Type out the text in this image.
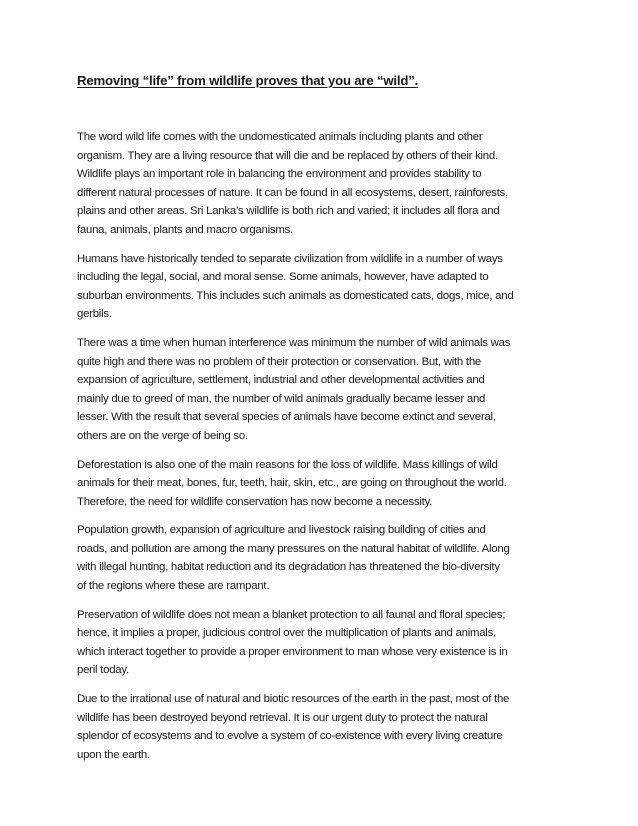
Removing “life” from wildlife proves that you are “wild”.

The word wild life comes with the undomesticated animals including plants and other
organism. They are a living resource that will die and be replaced by others of their kind.
Wildlife plays an important role in balancing the environment and provides stability to
different natural processes of nature. It can be found in all ecosystems, desert, rainforests,
plains and other areas. Sri Lanka’s wildlife is both rich and varied; it includes all flora and
fauna, animals, plants and macro organisms.

Humans have historically tended to separate civilization from wildlife in a number of ways
including the legal, social, and moral sense. Some animals, however, have adapted to
suburban environments. This includes such animals as domesticated cats, dogs, mice, and
gerbils.

There was a time when human interference was minimum the number of wild animals was
quite high and there was no problem of their protection or conservation. But, with the
expansion of agriculture, settlement, industrial and other developmental activities and
mainly due to greed of man, the number of wild animals gradually became lesser and
lesser. With the result that several species of animals have become extinct and several,
others are on the verge of being so.

Deforestation is also one of the main reasons for the loss of wildlife. Mass killings of wild
animals for their meat, bones, fur, teeth, hair, skin, etc., are going on throughout the world.
Therefore, the need for wildlife conservation has now become a necessity.

Population growth, expansion of agriculture and livestock raising building of cities and
roads, and pollution are among the many pressures on the natural habitat of wildlife. Along
with illegal hunting, habitat reduction and its degradation has threatened the bio-diversity
of the regions where these are rampant.

Preservation of wildlife does not mean a blanket protection to all faunal and floral species;
hence, it implies a proper, judicious control over the multiplication of plants and animals,
which interact together to provide a proper environment to man whose very existence is in
peril today.

Due to the irrational use of natural and biotic resources of the earth in the past, most of the
wildlife has been destroyed beyond retrieval. It is our urgent duty to protect the natural
splendor of ecosystems and to evolve a system of co-existence with every living creature
upon the earth.
